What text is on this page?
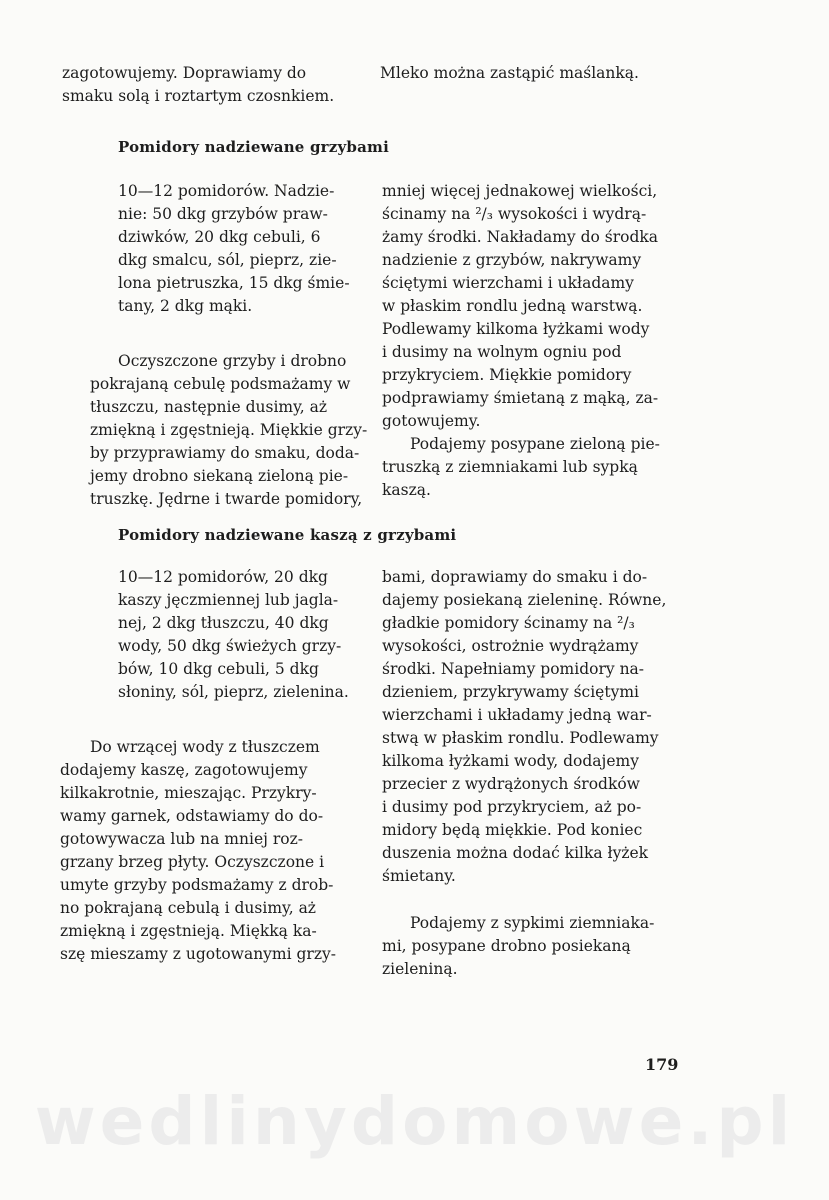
zagotowujemy. Doprawiamy do

smaku solą i roztartym czosnkiem.

Mleko można zastąpić maślanką.

Pomidory nadziewane grzybami

10—12 pomidorów. Nadzie-

nie: 50 dkg grzybów praw-

dziwków, 20 dkg cebuli, 6

dkg smalcu, sól, pieprz, zie-

lona pietruszka, 15 dkg śmie-

tany, 2 dkg mąki.

Oczyszczone grzyby i drobno

pokrajaną cebulę podsmażamy w

tłuszczu, następnie dusimy, aż

zmiękną i zgęstnieją. Miękkie grzy-

by przyprawiamy do smaku, doda-

jemy drobno siekaną zieloną pie-

truszkę. Jędrne i twarde pomidory,

mniej więcej jednakowej wielkości,

ścinamy na ²/₃ wysokości i wydrą-

żamy środki. Nakładamy do środka

nadzienie z grzybów, nakrywamy

ściętymi wierzchami i układamy

w płaskim rondlu jedną warstwą.

Podlewamy kilkoma łyżkami wody

i dusimy na wolnym ogniu pod

przykryciem. Miękkie pomidory

podprawiamy śmietaną z mąką, za-

gotowujemy.

Podajemy posypane zieloną pie-

truszką z ziemniakami lub sypką

kaszą.

Pomidory nadziewane kaszą z grzybami

10—12 pomidorów, 20 dkg

kaszy jęczmiennej lub jagla-

nej, 2 dkg tłuszczu, 40 dkg

wody, 50 dkg świeżych grzy-

bów, 10 dkg cebuli, 5 dkg

słoniny, sól, pieprz, zielenina.

Do wrzącej wody z tłuszczem

dodajemy kaszę, zagotowujemy

kilkakrotnie, mieszając. Przykry-

wamy garnek, odstawiamy do do-

gotowywacza lub na mniej roz-

grzany brzeg płyty. Oczyszczone i

umyte grzyby podsmażamy z drob-

no pokrajaną cebulą i dusimy, aż

zmiękną i zgęstnieją. Miękką ka-

szę mieszamy z ugotowanymi grzy-

bami, doprawiamy do smaku i do-

dajemy posiekaną zieleninę. Równe,

gładkie pomidory ścinamy na ²/₃

wysokości, ostrożnie wydrążamy

środki. Napełniamy pomidory na-

dzieniem, przykrywamy ściętymi

wierzchami i układamy jedną war-

stwą w płaskim rondlu. Podlewamy

kilkoma łyżkami wody, dodajemy

przecier z wydrążonych środków

i dusimy pod przykryciem, aż po-

midory będą miękkie. Pod koniec

duszenia można dodać kilka łyżek

śmietany.

Podajemy z sypkimi ziemniaka-

mi, posypane drobno posiekaną

zieleniną.

179
wedlinydomowe.pl
